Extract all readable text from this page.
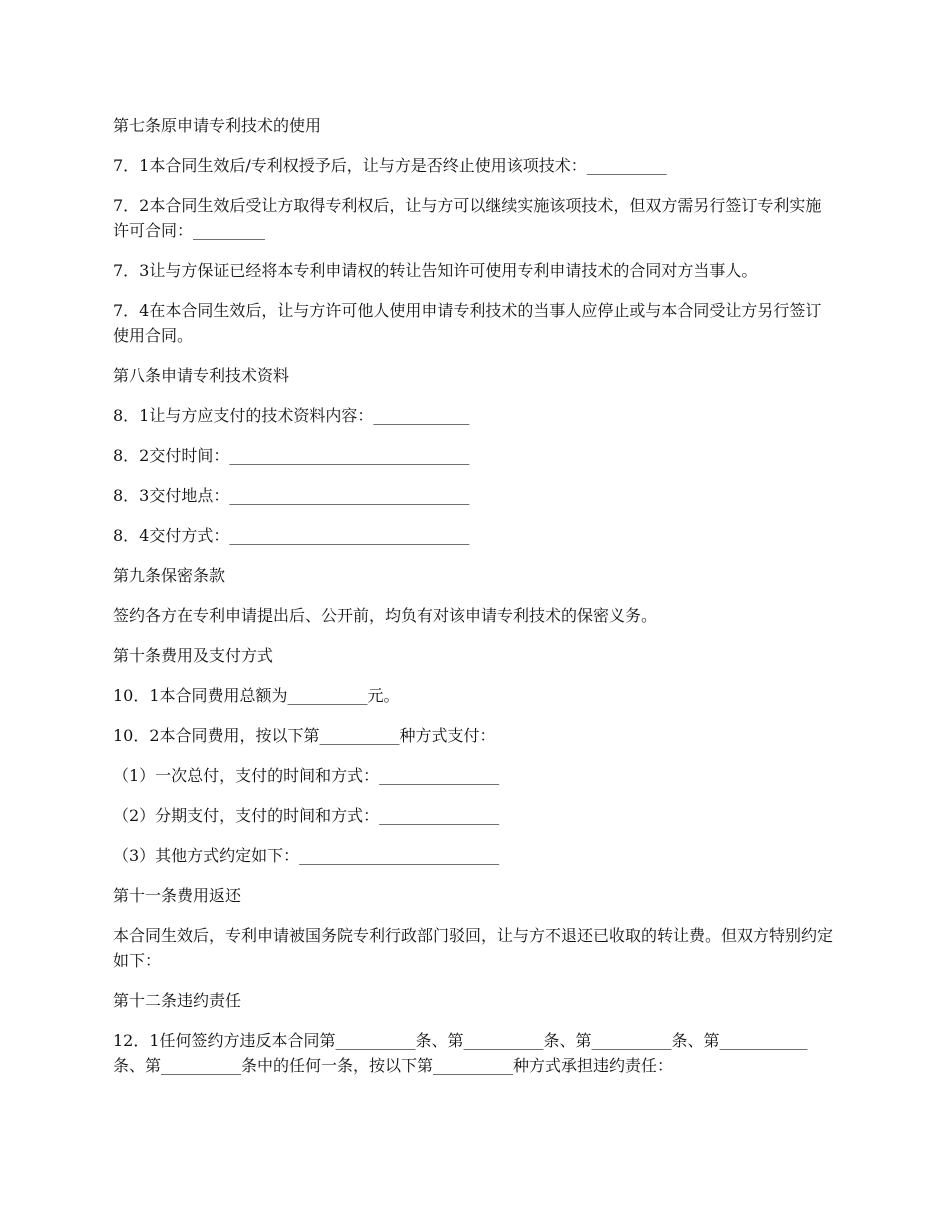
第七条原申请专利技术的使用

7．1本合同生效后/专利权授予后，让与方是否终止使用该项技术：__________

7．2本合同生效后受让方取得专利权后，让与方可以继续实施该项技术，但双方需另行签订专利实施许可合同：_________

7．3让与方保证已经将本专利申请权的转让告知许可使用专利申请技术的合同对方当事人。

7．4在本合同生效后，让与方许可他人使用申请专利技术的当事人应停止或与本合同受让方另行签订使用合同。

第八条申请专利技术资料

8．1让与方应支付的技术资料内容：____________

8．2交付时间：______________________________

8．3交付地点：______________________________

8．4交付方式：______________________________

第九条保密条款

签约各方在专利申请提出后、公开前，均负有对该申请专利技术的保密义务。

第十条费用及支付方式

10．1本合同费用总额为__________元。

10．2本合同费用，按以下第__________种方式支付：

（1）一次总付，支付的时间和方式：_______________

（2）分期支付，支付的时间和方式：_______________

（3）其他方式约定如下：_________________________

第十一条费用返还

本合同生效后，专利申请被国务院专利行政部门驳回，让与方不退还已收取的转让费。但双方特别约定如下：

第十二条违约责任

12．1任何签约方违反本合同第__________条、第__________条、第__________条、第___________条、第__________条中的任何一条，按以下第__________种方式承担违约责任：
